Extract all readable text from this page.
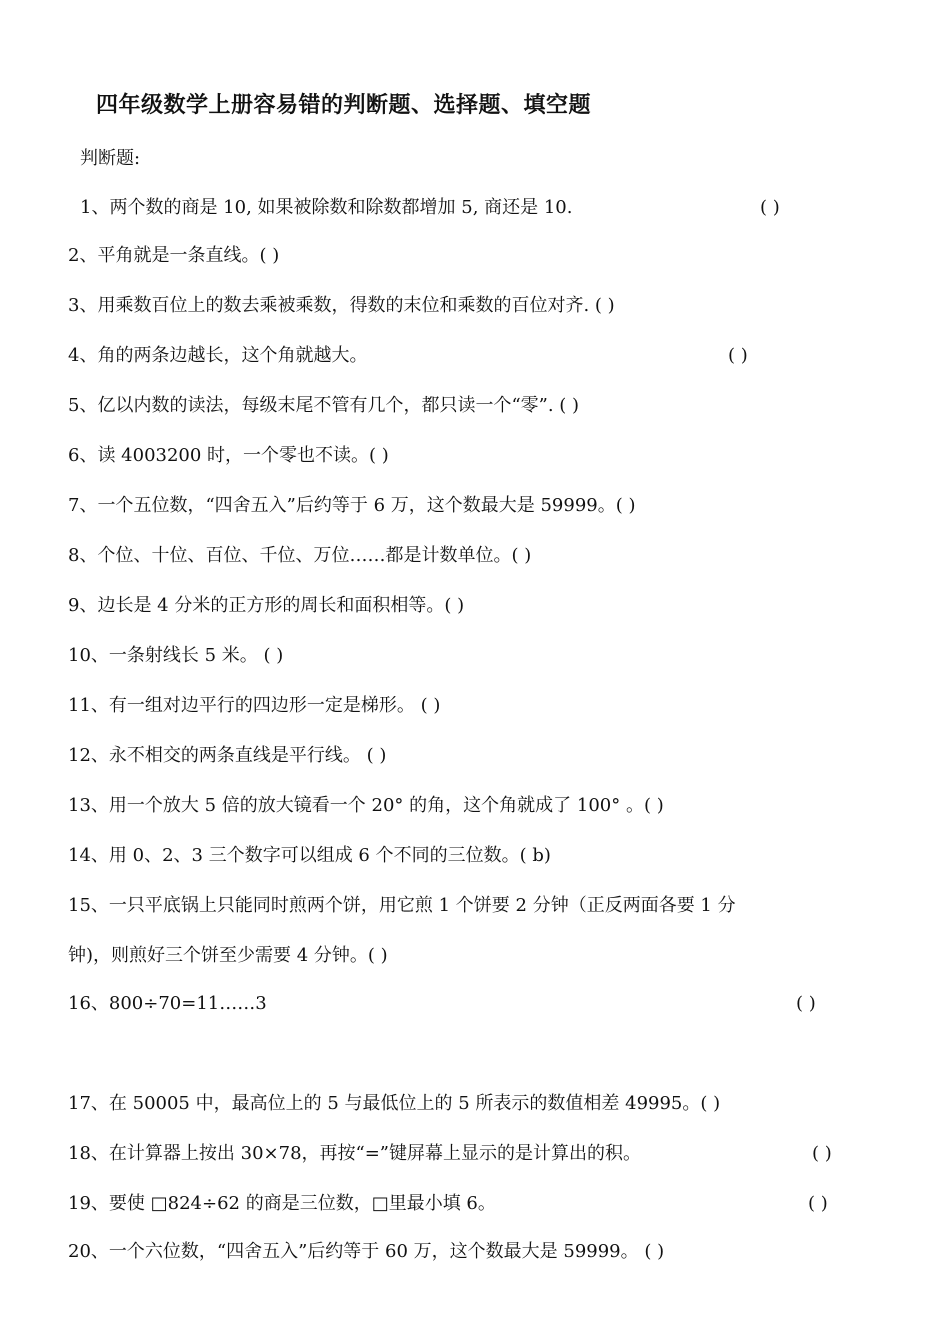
四年级数学上册容易错的判断题、选择题、填空题
判断题:

1、两个数的商是 10, 如果被除数和除数都增加 5, 商还是 10.	( )

2、平角就是一条直线。( )

3、用乘数百位上的数去乘被乘数，得数的末位和乘数的百位对齐. ( )

4、角的两条边越长，这个角就越大。	( )

5、亿以内数的读法，每级末尾不管有几个，都只读一个“零”. ( )

6、读 4003200 时，一个零也不读。( )

7、一个五位数，“四舍五入”后约等于 6 万，这个数最大是 59999。( )

8、个位、十位、百位、千位、万位……都是计数单位。( )

9、边长是 4 分米的正方形的周长和面积相等。( )

10、一条射线长 5 米。 ( )

11、有一组对边平行的四边形一定是梯形。 ( )

12、永不相交的两条直线是平行线。 ( )

13、用一个放大 5 倍的放大镜看一个 20° 的角，这个角就成了 100° 。( )

14、用 0、2、3 三个数字可以组成 6 个不同的三位数。( b)

15、一只平底锅上只能同时煎两个饼，用它煎 1 个饼要 2 分钟（正反两面各要 1 分

钟)，则煎好三个饼至少需要 4 分钟。( )

16、800÷70=11……3	( )

17、在 50005 中，最高位上的 5 与最低位上的 5 所表示的数值相差 49995。( )

18、在计算器上按出 30×78，再按“=”键屏幕上显示的是计算出的积。	( )

19、要使 □824÷62 的商是三位数，□里最小填 6。	( )

20、一个六位数，“四舍五入”后约等于 60 万，这个数最大是 59999。 ( )
